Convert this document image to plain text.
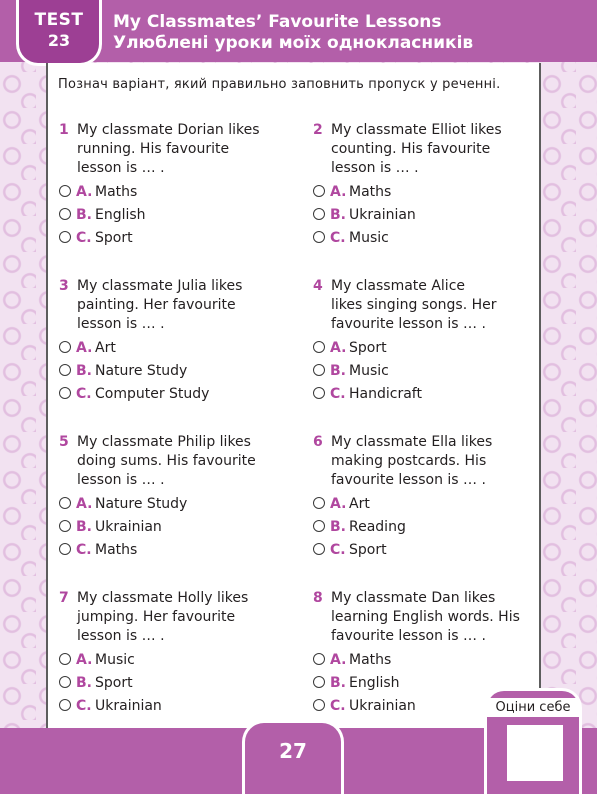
TEST
23
My Classmates’ Favourite Lessons
Улюблені уроки моїх однокласників
Познач варіант, який правильно заповнить пропуск у реченні.
1 My classmate Dorian likes
running. His favourite
lesson is … .
A. Maths
B. English
C. Sport
2 My classmate Elliot likes
counting. His favourite
lesson is … .
A. Maths
B. Ukrainian
C. Music
3 My classmate Julia likes
painting. Her favourite
lesson is … .
A. Art
B. Nature Study
C. Computer Study
4 My classmate Alice
likes singing songs. Her
favourite lesson is … .
A. Sport
B. Music
C. Handicraft
5 My classmate Philip likes
doing sums. His favourite
lesson is … .
A. Nature Study
B. Ukrainian
C. Maths
6 My classmate Ella likes
making postcards. His
favourite lesson is … .
A. Art
B. Reading
C. Sport
7 My classmate Holly likes
jumping. Her favourite
lesson is … .
A. Music
B. Sport
C. Ukrainian
8 My classmate Dan likes
learning English words. His
favourite lesson is … .
A. Maths
B. English
C. Ukrainian
27
Оціни себе
